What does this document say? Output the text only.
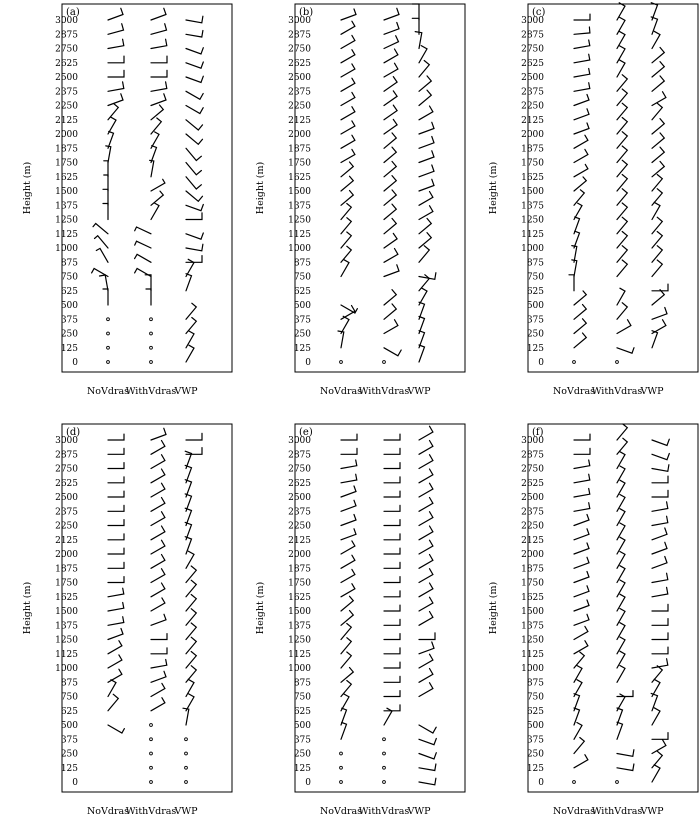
(a)
Height (m)
0
125
250
375
500
625
750
875
1000
1125
1250
1375
1500
1625
1750
1875
2000
2125
2250
2375
2500
2625
2750
2875
3000
NoVdras
WithVdras
VWP
(b)
Height (m)
0
125
250
375
500
625
750
875
1000
1125
1250
1375
1500
1625
1750
1875
2000
2125
2250
2375
2500
2625
2750
2875
3000
NoVdras
WithVdras
VWP
(c)
Height (m)
0
125
250
375
500
625
750
875
1000
1125
1250
1375
1500
1625
1750
1875
2000
2125
2250
2375
2500
2625
2750
2875
3000
NoVdras
WithVdras
VWP
(d)
Height (m)
0
125
250
375
500
625
750
875
1000
1125
1250
1375
1500
1625
1750
1875
2000
2125
2250
2375
2500
2625
2750
2875
3000
NoVdras
WithVdras
VWP
(e)
Height (m)
0
125
250
375
500
625
750
875
1000
1125
1250
1375
1500
1625
1750
1875
2000
2125
2250
2375
2500
2625
2750
2875
3000
NoVdras
WithVdras
VWP
(f)
Height (m)
0
125
250
375
500
625
750
875
1000
1125
1250
1375
1500
1625
1750
1875
2000
2125
2250
2375
2500
2625
2750
2875
3000
NoVdras
WithVdras
VWP
